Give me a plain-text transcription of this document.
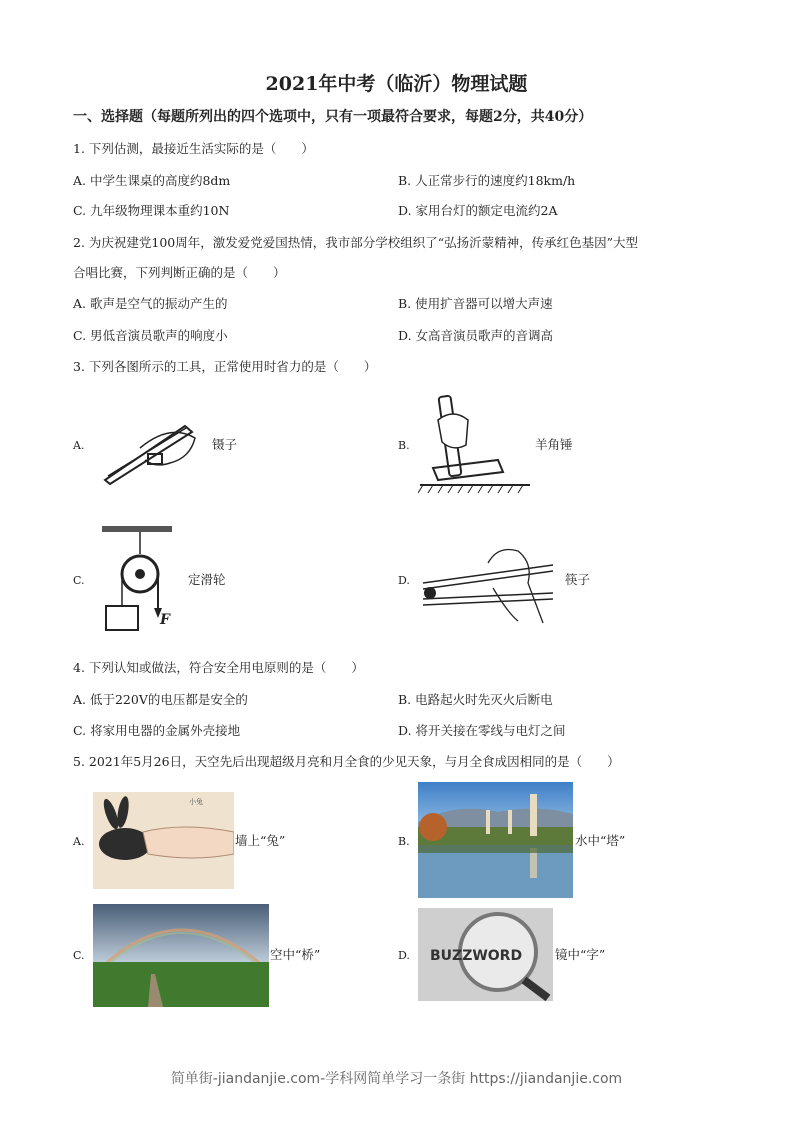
2021年中考（临沂）物理试题
一、选择题（每题所列出的四个选项中，只有一项最符合要求，每题2分，共40分）
1. 下列估测，最接近生活实际的是（　　）
A. 中学生课桌的高度约8dm	B. 人正常步行的速度约18km/h
C. 九年级物理课本重约10N	D. 家用台灯的额定电流约2A
2. 为庆祝建党100周年，激发爱党爱国热情，我市部分学校组织了“弘扬沂蒙精神，传承红色基因”大型
合唱比赛，下列判断正确的是（　　）
A. 歌声是空气的振动产生的	B. 使用扩音器可以增大声速
C. 男低音演员歌声的响度小	D. 女高音演员歌声的音调高
3. 下列各图所示的工具，正常使用时省力的是（　　）
A.	镊子	B.	羊角锤
C.
F
定滑轮	D.	筷子
4. 下列认知或做法，符合安全用电原则的是（　　）
A. 低于220V的电压都是安全的	B. 电路起火时先灭火后断电
C. 将家用电器的金属外壳接地	D. 将开关接在零线与电灯之间
5. 2021年5月26日，天空先后出现超级月亮和月全食的少见天象，与月全食成因相同的是（　　）
A.
小兔
墙上“兔”	B.	水中“塔”
C.	空中“桥”	D. BUZZWORD	镜中“字”
简单街-jiandanjie.com-学科网简单学习一条街 https://jiandanjie.com
